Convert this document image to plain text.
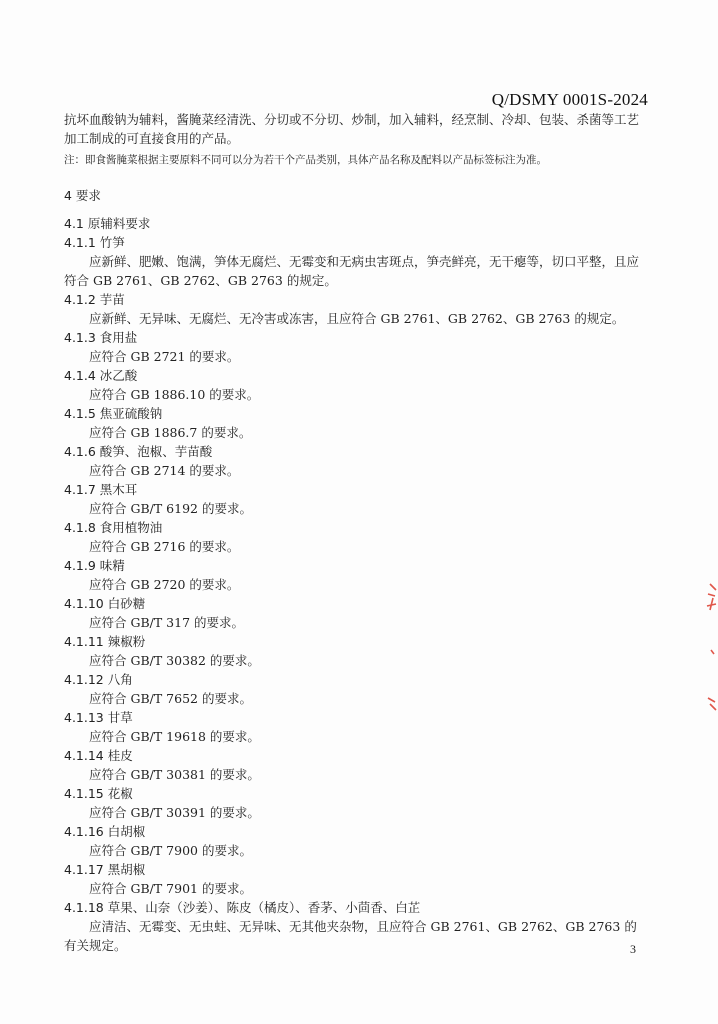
Q/DSMY 0001S-2024

抗坏血酸钠为辅料，酱腌菜经清洗、分切或不分切、炒制，加入辅料，经烹制、冷却、包装、杀菌等工艺加工制成的可直接食用的产品。

注：即食酱腌菜根据主要原料不同可以分为若干个产品类别，具体产品名称及配料以产品标签标注为准。

4 要求
4.1 原辅料要求
4.1.1 竹笋
应新鲜、肥嫩、饱满，笋体无腐烂、无霉变和无病虫害斑点，笋壳鲜亮，无干瘪等，切口平整，且应符合 GB 2761、GB 2762、GB 2763 的规定。
4.1.2 芋苗
应新鲜、无异味、无腐烂、无冷害或冻害，且应符合 GB 2761、GB 2762、GB 2763 的规定。
4.1.3 食用盐
应符合 GB 2721 的要求。
4.1.4 冰乙酸
应符合 GB 1886.10 的要求。
4.1.5 焦亚硫酸钠
应符合 GB 1886.7 的要求。
4.1.6 酸笋、泡椒、芋苗酸
应符合 GB 2714 的要求。
4.1.7 黑木耳
应符合 GB/T 6192 的要求。
4.1.8 食用植物油
应符合 GB 2716 的要求。
4.1.9 味精
应符合 GB 2720 的要求。
4.1.10 白砂糖
应符合 GB/T 317 的要求。
4.1.11 辣椒粉
应符合 GB/T 30382 的要求。
4.1.12 八角
应符合 GB/T 7652 的要求。
4.1.13 甘草
应符合 GB/T 19618 的要求。
4.1.14 桂皮
应符合 GB/T 30381 的要求。
4.1.15 花椒
应符合 GB/T 30391 的要求。
4.1.16 白胡椒
应符合 GB/T 7900 的要求。
4.1.17 黑胡椒
应符合 GB/T 7901 的要求。
4.1.18 草果、山奈（沙姜）、陈皮（橘皮）、香茅、小茴香、白芷
应清洁、无霉变、无虫蛀、无异味、无其他夹杂物，且应符合 GB 2761、GB 2762、GB 2763 的有关规定。	3
